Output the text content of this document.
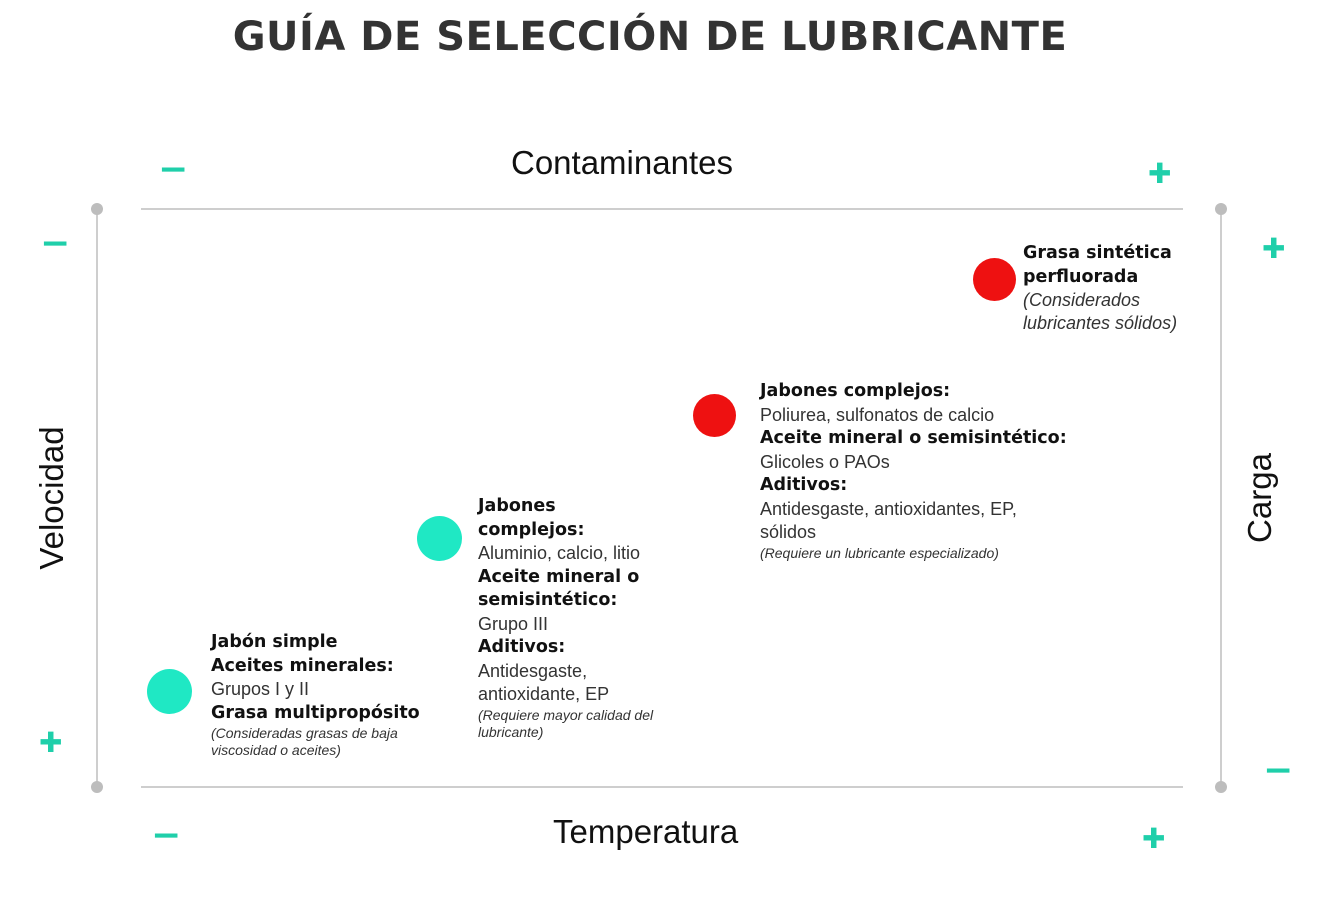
GUÍA DE SELECCIÓN DE LUBRICANTE
Contaminantes
Temperatura
Velocidad	Carga
−	✚
−
✚
✚
−
−	✚
Jabón simple
Aceites minerales:
Grupos I y II
Grasa multipropósito
(Consideradas grasas de baja viscosidad o aceites)
Jabones complejos:
Aluminio, calcio, litio
Aceite mineral o semisintético:
Grupo III
Aditivos:
Antidesgaste, antioxidante, EP
(Requiere mayor calidad del lubricante)
Jabones complejos:
Poliurea, sulfonatos de calcio
Aceite mineral o semisintético:
Glicoles o PAOs
Aditivos:
Antidesgaste, antioxidantes, EP, sólidos
(Requiere un lubricante especializado)
Grasa sintética perfluorada
(Considerados lubricantes sólidos)
